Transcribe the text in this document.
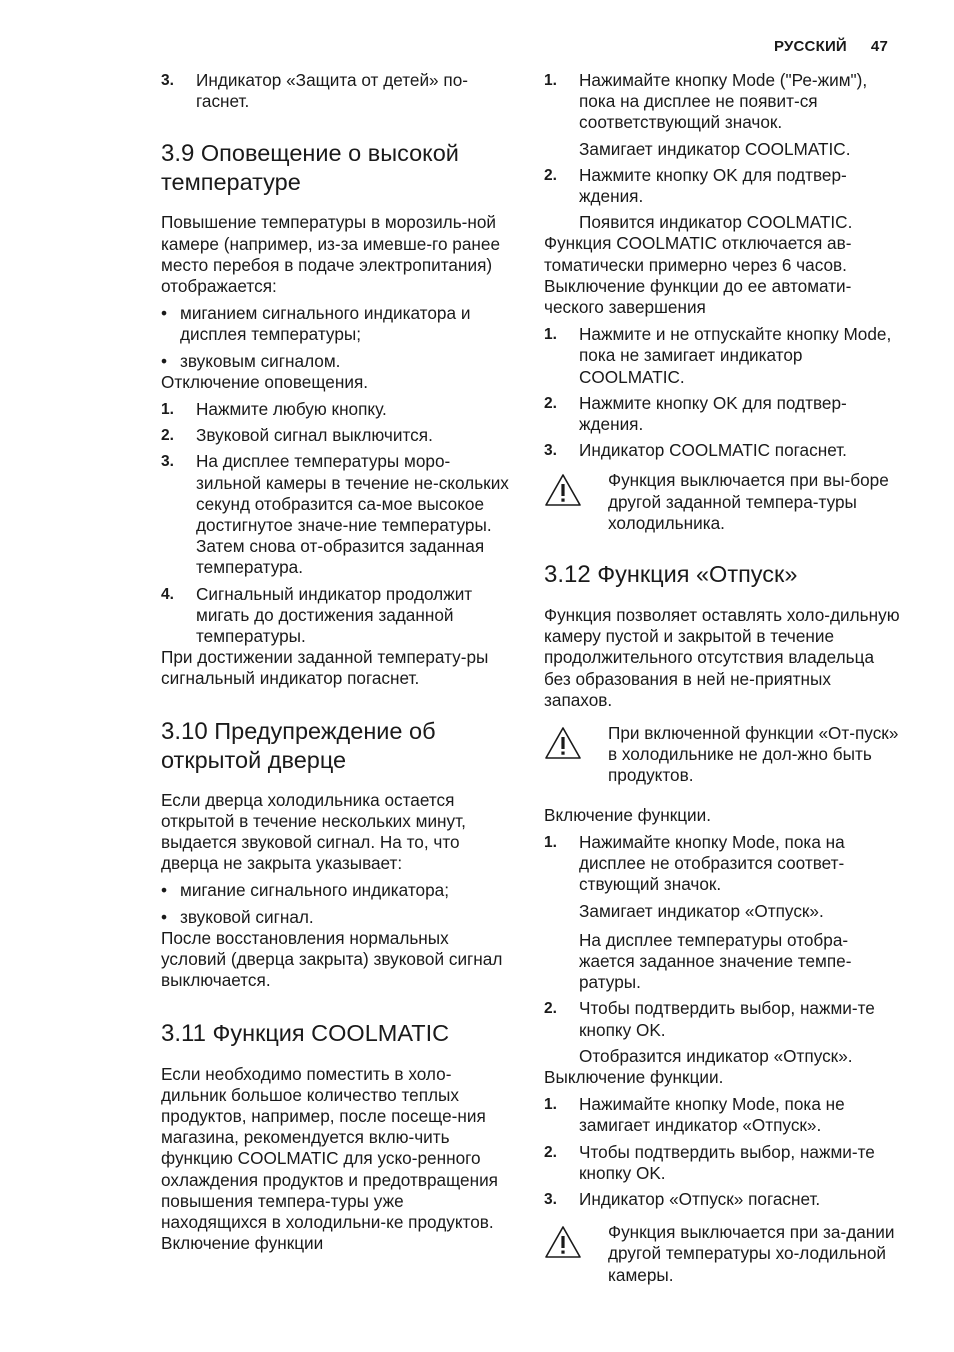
РУССКИЙ 47
3.	Индикатор «Защита от детей» по-гаснет.
3.9 Оповещение о высокой температуре

Повышение температуры в морозиль-ной камере (например, из-за имевше-го ранее место перебоя в подаче электропитания) отображается:

• миганием сигнального индикатора и дисплея температуры;
• звуковым сигналом.

Отключение оповещения.

1.	Нажмите любую кнопку.
2.	Звуковой сигнал выключится.
3.	На дисплее температуры моро-зильной камеры в течение не-скольких секунд отобразится са-мое высокое достигнутое значе-ние температуры. Затем снова от-образится заданная температура.
4.	Сигнальный индикатор продолжит мигать до достижения заданной температуры.

При достижении заданной температу-ры сигнальный индикатор погаснет.

3.10 Предупреждение об открытой дверце

Если дверца холодильника остается открытой в течение нескольких минут, выдается звуковой сигнал. На то, что дверца не закрыта указывает:

• мигание сигнального индикатора;
• звуковой сигнал.

После восстановления нормальных условий (дверца закрыта) звуковой сигнал выключается.

3.11 Функция COOLMATIC

Если необходимо поместить в холо-дильник большое количество теплых продуктов, например, после посеще-ния магазина, рекомендуется вклю-чить функцию COOLMATIC для уско-ренного охлаждения продуктов и предотвращения повышения темпера-туры уже находящихся в холодильни-ке продуктов.

Включение функции

1.	Нажимайте кнопку Mode ("Ре-жим"), пока на дисплее не появит-ся соответствующий значок.

Замигает индикатор COOLMATIC.

2.	Нажмите кнопку OK для подтвер-ждения.

Появится индикатор COOLMATIC.

Функция COOLMATIC отключается ав-томатически примерно через 6 часов.

Выключение функции до ее автомати-ческого завершения

1.	Нажмите и не отпускайте кнопку Mode, пока не замигает индикатор COOLMATIC.
2.	Нажмите кнопку OK для подтвер-ждения.
3.	Индикатор COOLMATIC погаснет.
Функция выключается при вы-боре другой заданной темпера-туры холодильника.
3.12 Функция «Отпуск»

Функция позволяет оставлять холо-дильную камеру пустой и закрытой в течение продолжительного отсутствия владельца без образования в ней не-приятных запахов.

При включенной функции «От-пуск» в холодильнике не дол-жно быть продуктов.

Включение функции.

1.	Нажимайте кнопку Mode, пока на дисплее не отобразится соответ-ствующий значок.

Замигает индикатор «Отпуск».

На дисплее температуры отобра-жается заданное значение темпе-ратуры.

2.	Чтобы подтвердить выбор, нажми-те кнопку OK.

Отобразится индикатор «Отпуск».

Выключение функции.

1.	Нажимайте кнопку Mode, пока не замигает индикатор «Отпуск».
2.	Чтобы подтвердить выбор, нажми-те кнопку OK.
3.	Индикатор «Отпуск» погаснет.
Функция выключается при за-дании другой температуры хо-лодильной камеры.
